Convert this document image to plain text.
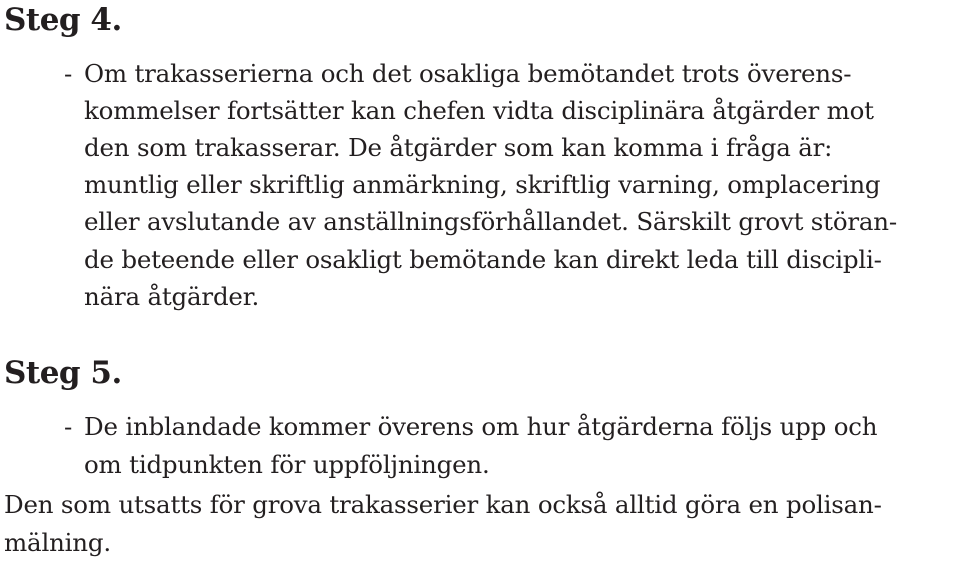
Steg 4.
- Om trakasserierna och det osakliga bemötandet trots överens-
kommelser fortsätter kan chefen vidta disciplinära åtgärder mot
den som trakasserar. De åtgärder som kan komma i fråga är:
muntlig eller skriftlig anmärkning, skriftlig varning, omplacering
eller avslutande av anställningsförhållandet. Särskilt grovt störan-
de beteende eller osakligt bemötande kan direkt leda till discipli-
nära åtgärder.
Steg 5.
- De inblandade kommer överens om hur åtgärderna följs upp och
om tidpunkten för uppföljningen.
Den som utsatts för grova trakasserier kan också alltid göra en polisan-
mälning.
